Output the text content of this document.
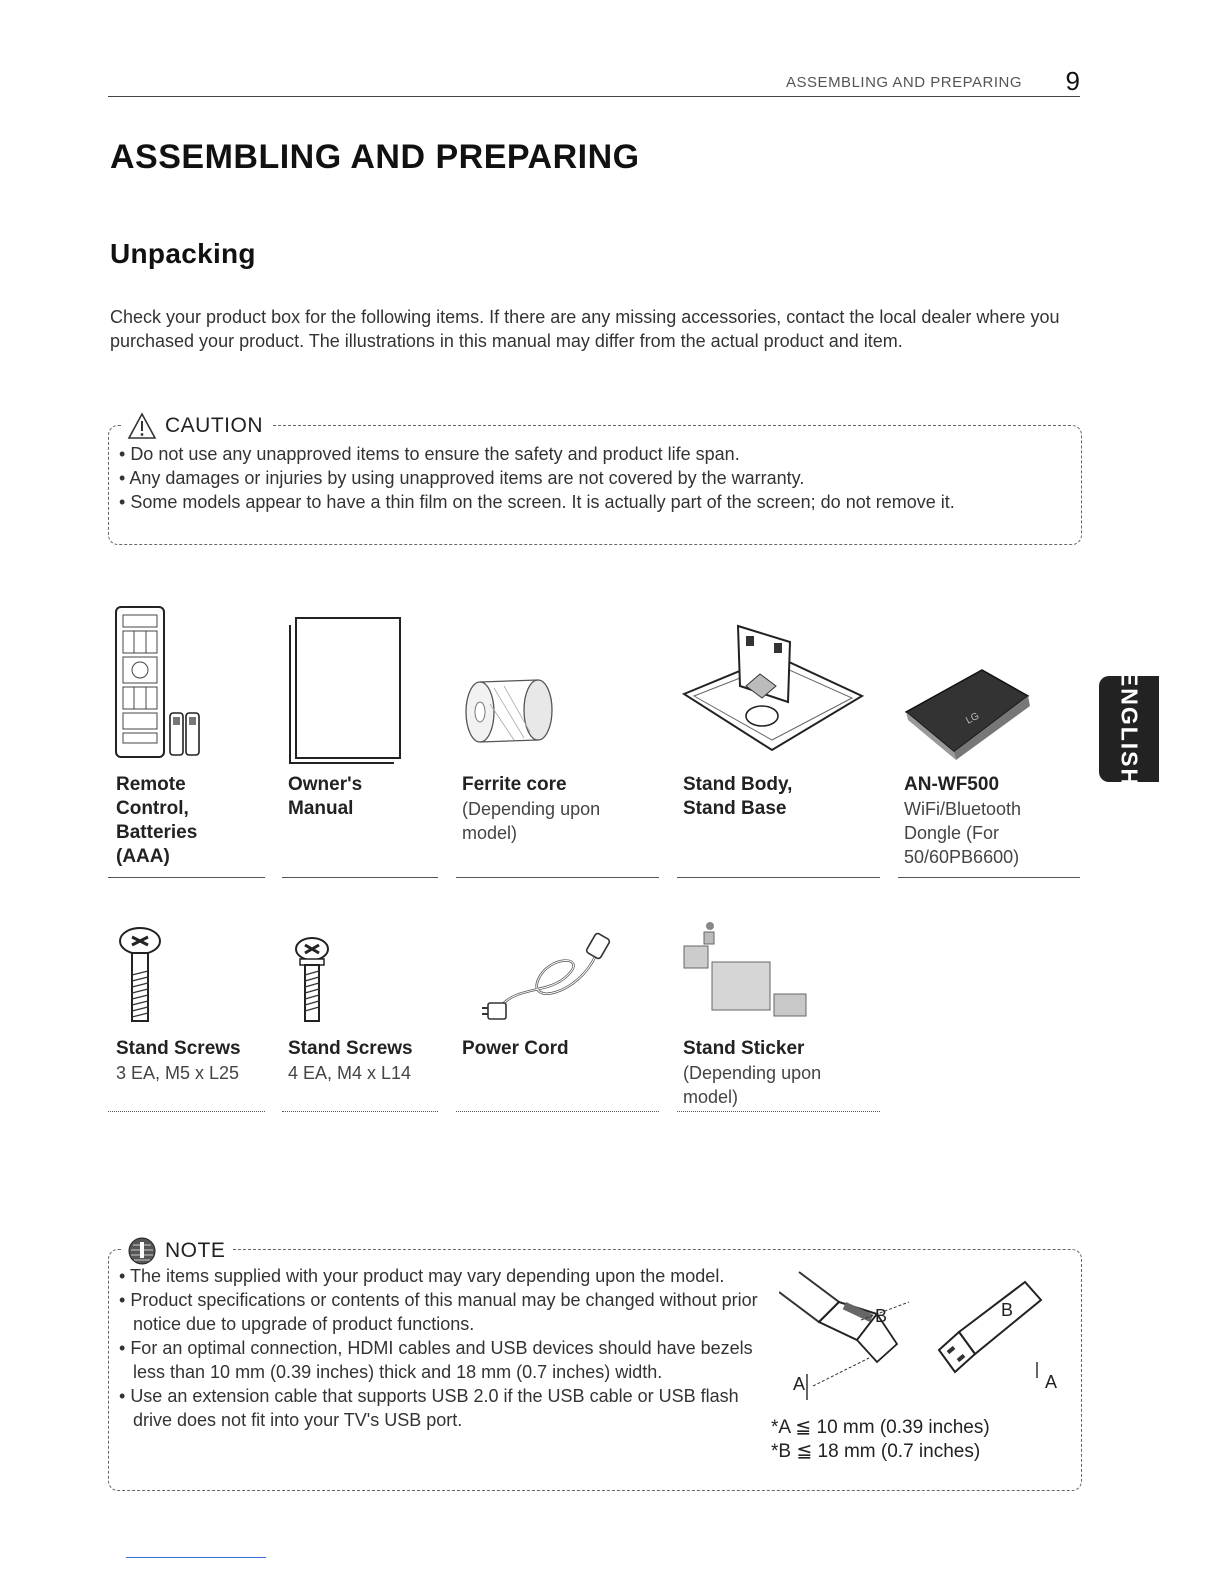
ASSEMBLING AND PREPARING 9
ASSEMBLING AND PREPARING
Unpacking

Check your product box for the following items. If there are any missing accessories, contact the local dealer where you purchased your product. The illustrations in this manual may differ from the actual product and item.

CAUTION
• Do not use any unapproved items to ensure the safety and product life span.
• Any damages or injuries by using unapproved items are not covered by the warranty.
• Some models appear to have a thin film on the screen. It is actually part of the screen; do not remove it.
LG

Remote Control, Batteries (AAA)

Owner's Manual

Ferrite core

(Depending upon model)

Stand Body, Stand Base

AN-WF500

WiFi/Bluetooth Dongle (For 50/60PB6600)

Stand Screws

3 EA, M5 x L25

Stand Screws

4 EA, M4 x L14

Power Cord	Stand Sticker

(Depending upon model)

ENGLISH
NOTE
• The items supplied with your product may vary depending upon the model.
• Product specifications or contents of this manual may be changed without prior notice due to upgrade of product functions.
• For an optimal connection, HDMI cables and USB devices should have bezels less than 10 mm (0.39 inches) thick and 18 mm (0.7 inches) width.
• Use an extension cable that supports USB 2.0 if the USB cable or USB flash drive does not fit into your TV's USB port.
B
A
B
A
*A ≦ 10 mm (0.39 inches)
*B ≦ 18 mm (0.7 inches)
